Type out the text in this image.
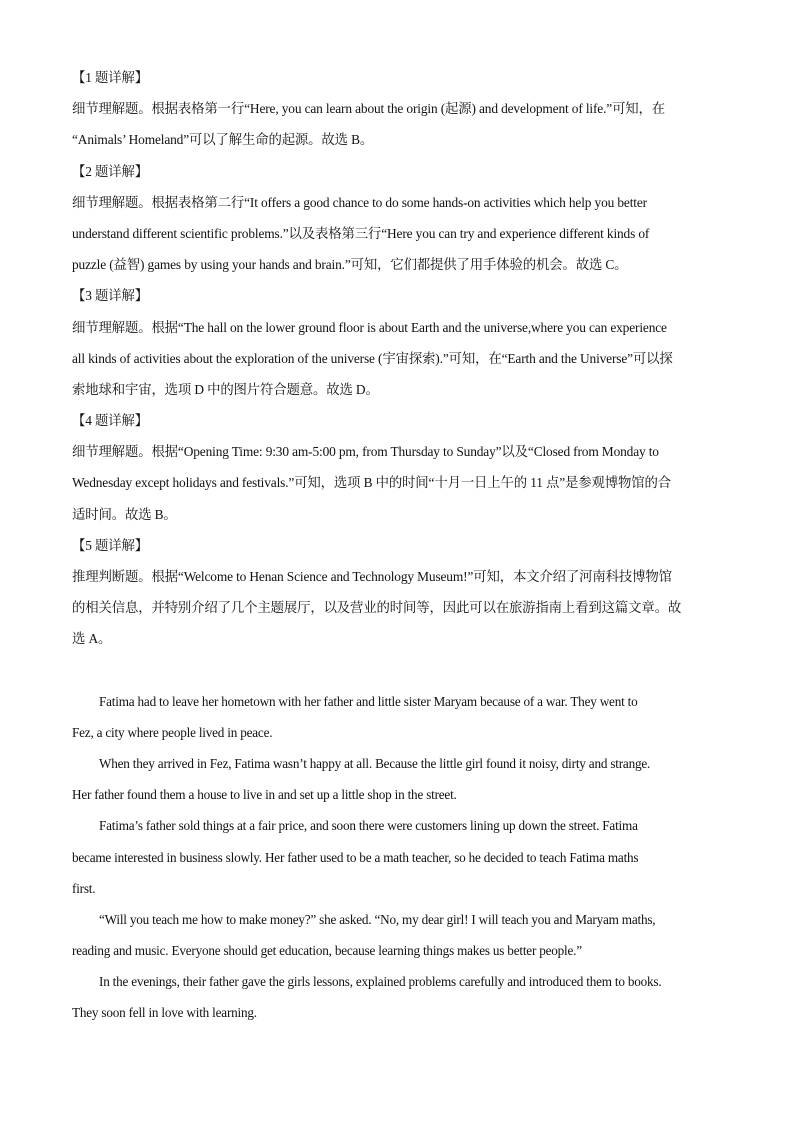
【1 题详解】
细节理解题。根据表格第一行“Here, you can learn about the origin (起源) and development of life.”可知，在
“Animals’ Homeland”可以了解生命的起源。故选 B。
【2 题详解】
细节理解题。根据表格第二行“It offers a good chance to do some hands-on activities which help you better
understand different scientific problems.”以及表格第三行“Here you can try and experience different kinds of
puzzle (益智) games by using your hands and brain.”可知，它们都提供了用手体验的机会。故选 C。
【3 题详解】
细节理解题。根据“The hall on the lower ground floor is about Earth and the universe,where you can experience
all kinds of activities about the exploration of the universe (宇宙探索).”可知，在“Earth and the Universe”可以探
索地球和宇宙，选项 D 中的图片符合题意。故选 D。
【4 题详解】
细节理解题。根据“Opening Time: 9:30 am-5:00 pm, from Thursday to Sunday”以及“Closed from Monday to
Wednesday except holidays and festivals.”可知，选项 B 中的时间“十月一日上午的 11 点”是参观博物馆的合
适时间。故选 B。
【5 题详解】
推理判断题。根据“Welcome to Henan Science and Technology Museum!”可知，本文介绍了河南科技博物馆
的相关信息，并特别介绍了几个主题展厅，以及营业的时间等，因此可以在旅游指南上看到这篇文章。故
选 A。
Fatima had to leave her hometown with her father and little sister Maryam because of a war. They went to
Fez, a city where people lived in peace.
When they arrived in Fez, Fatima wasn’t happy at all. Because the little girl found it noisy, dirty and strange.
Her father found them a house to live in and set up a little shop in the street.
Fatima’s father sold things at a fair price, and soon there were customers lining up down the street. Fatima
became interested in business slowly. Her father used to be a math teacher, so he decided to teach Fatima maths
first.
“Will you teach me how to make money?” she asked. “No, my dear girl! I will teach you and Maryam maths,
reading and music. Everyone should get education, because learning things makes us better people.”
In the evenings, their father gave the girls lessons, explained problems carefully and introduced them to books.
They soon fell in love with learning.
